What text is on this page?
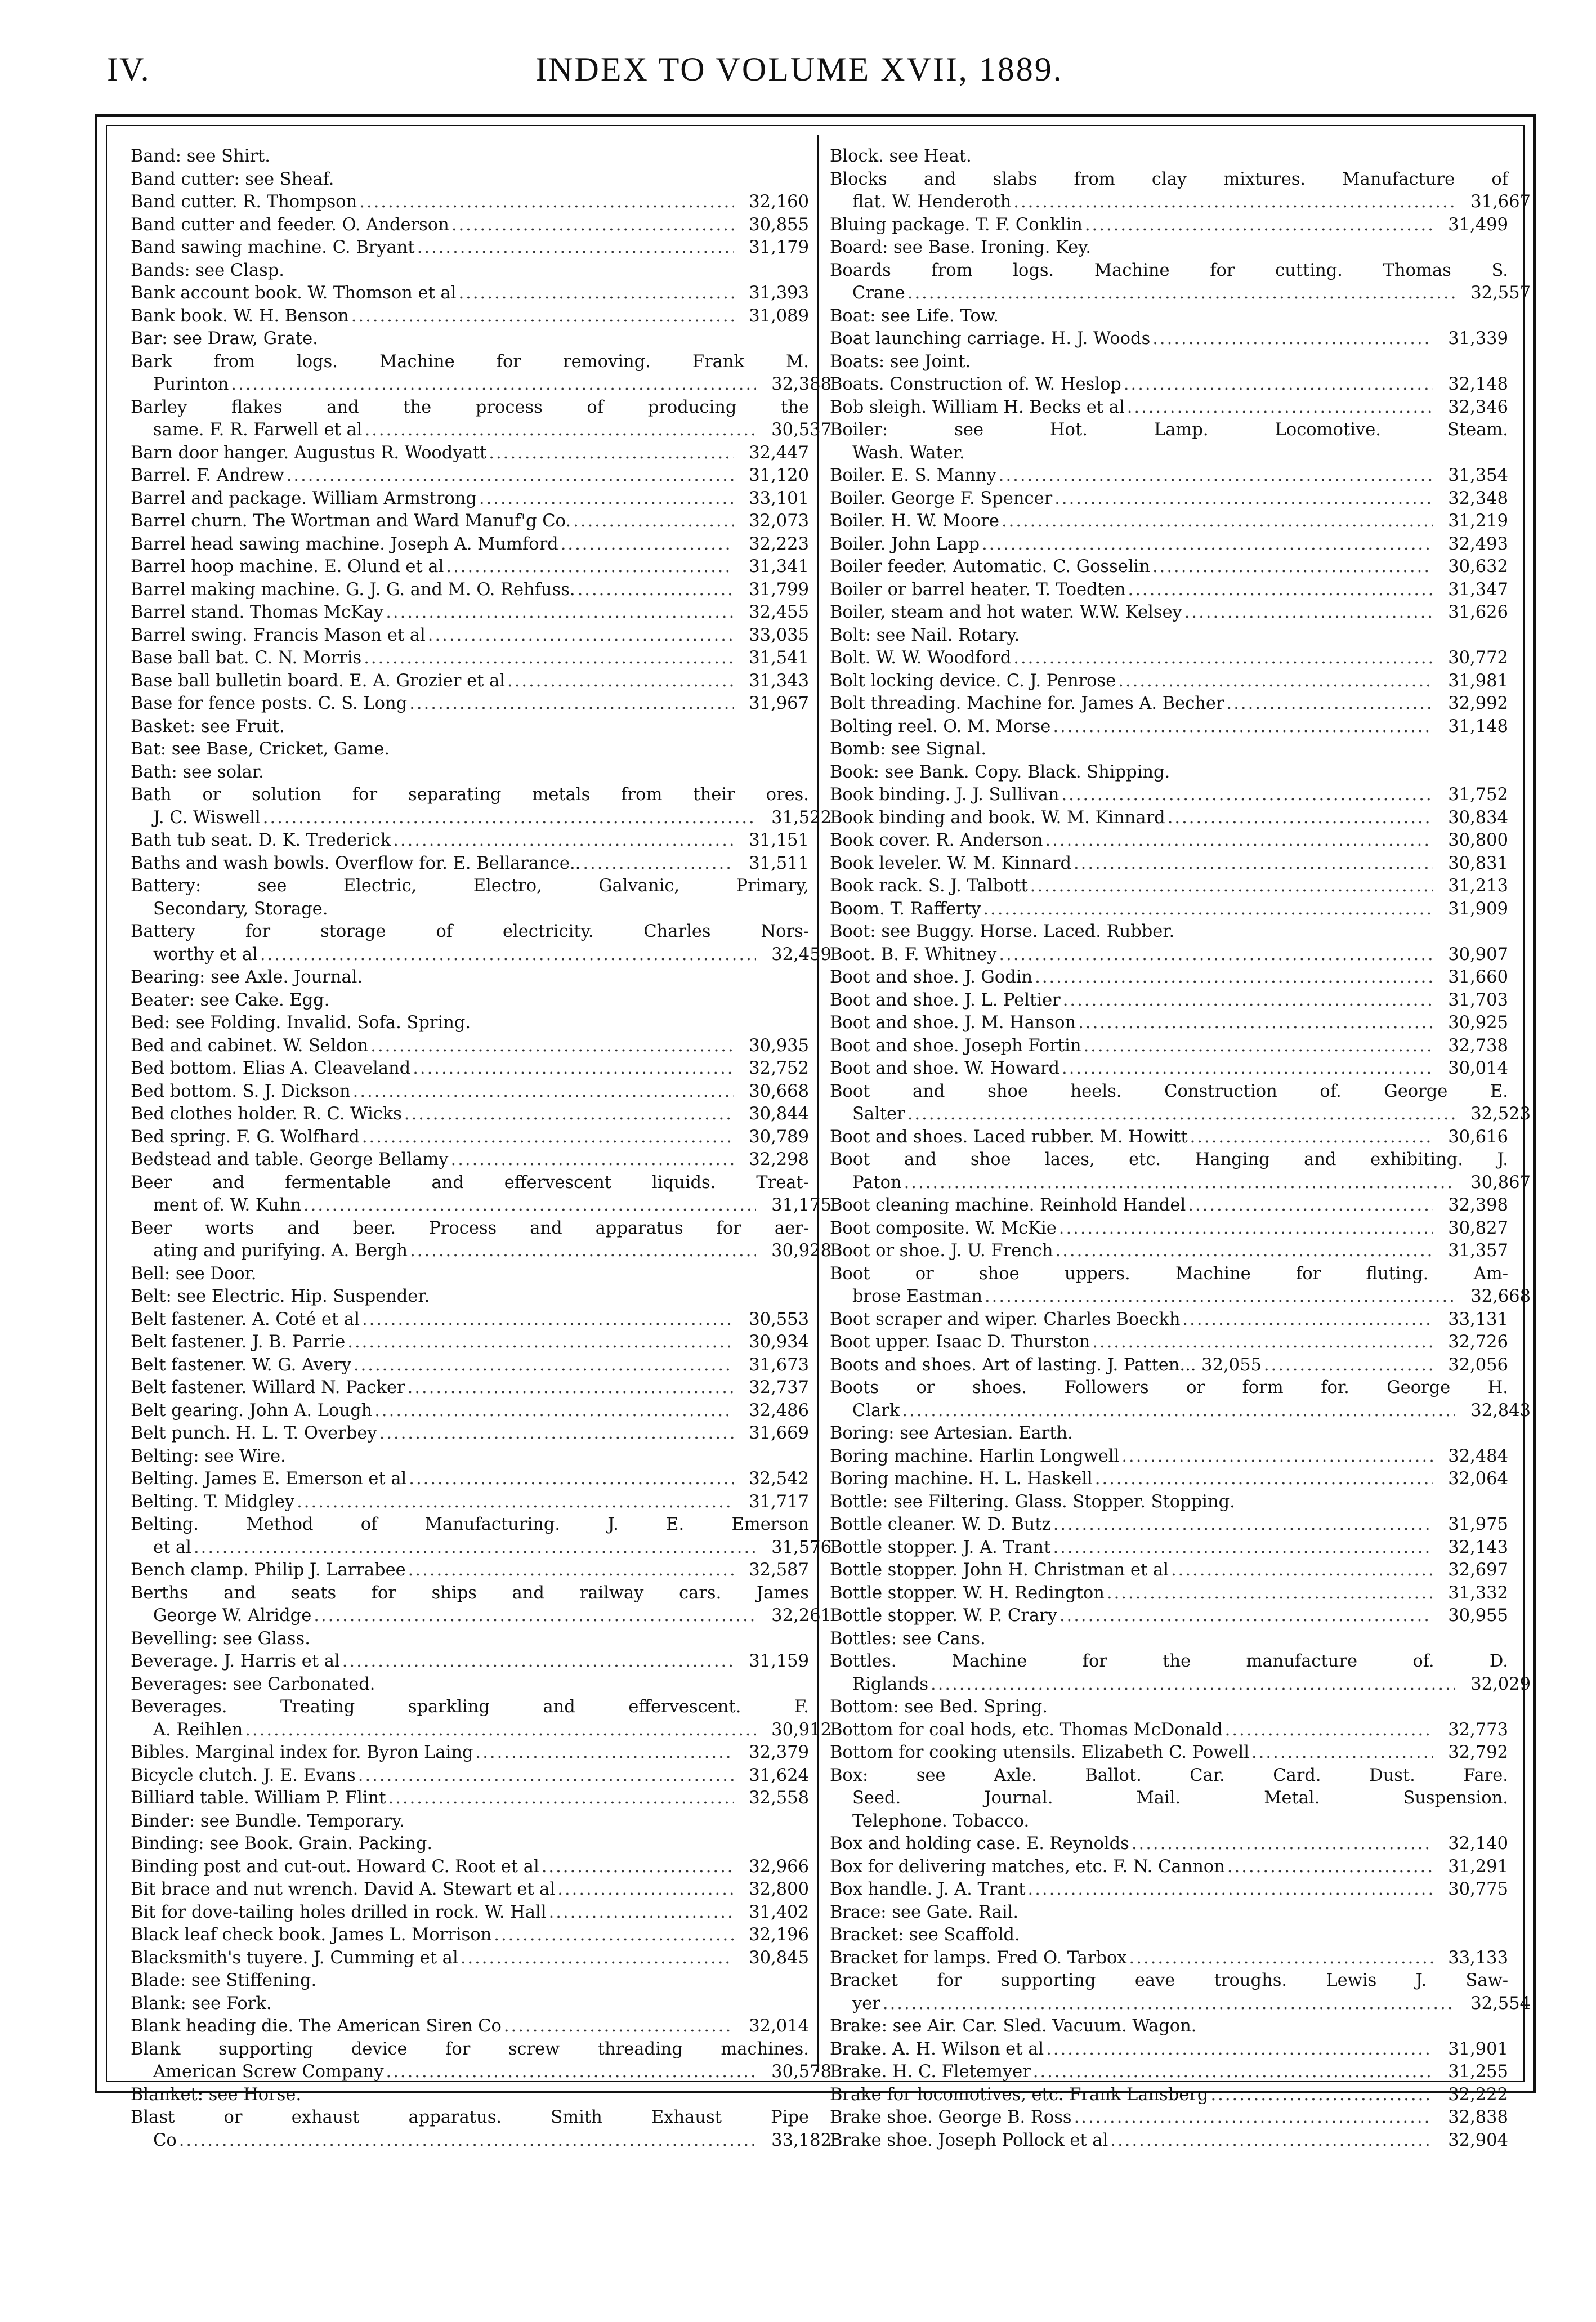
IV.	INDEX TO VOLUME XVII, 1889.
Band: see Shirt.
Band cutter: see Sheaf.
Band cutter. R. Thompson .....	32,160
Band cutter and feeder. O. Anderson .....	30,855
Band sawing machine. C. Bryant .....	31,179
Bands: see Clasp.
Bank account book. W. Thomson et al .....	31,393
Bank book. W. H. Benson .....	31,089
Bar: see Draw, Grate.
Bark from logs. Machine for removing. Frank M.
Purinton .....	32,388
Barley flakes and the process of producing the
same. F. R. Farwell et al .....	30,537
Barn door hanger. Augustus R. Woodyatt .....	32,447
Barrel. F. Andrew .....	31,120
Barrel and package. William Armstrong .....	33,101
Barrel churn. The Wortman and Ward Manuf'g Co. .....	32,073
Barrel head sawing machine. Joseph A. Mumford .....	32,223
Barrel hoop machine. E. Olund et al .....	31,341
Barrel making machine. G. J. G. and M. O. Rehfuss. .....	31,799
Barrel stand. Thomas McKay .....	32,455
Barrel swing. Francis Mason et al .....	33,035
Base ball bat. C. N. Morris .....	31,541
Base ball bulletin board. E. A. Grozier et al .....	31,343
Base for fence posts. C. S. Long .....	31,967
Basket: see Fruit.
Bat: see Base, Cricket, Game.
Bath: see solar.
Bath or solution for separating metals from their ores.
J. C. Wiswell .....	31,522
Bath tub seat. D. K. Trederick .....	31,151
Baths and wash bowls. Overflow for. E. Bellarance.. .....	31,511
Battery: see Electric, Electro, Galvanic, Primary,
Secondary, Storage.
Battery for storage of electricity. Charles Nors-
worthy et al .....	32,459
Bearing: see Axle. Journal.
Beater: see Cake. Egg.
Bed: see Folding. Invalid. Sofa. Spring.
Bed and cabinet. W. Seldon .....	30,935
Bed bottom. Elias A. Cleaveland .....	32,752
Bed bottom. S. J. Dickson .....	30,668
Bed clothes holder. R. C. Wicks .....	30,844
Bed spring. F. G. Wolfhard .....	30,789
Bedstead and table. George Bellamy .....	32,298
Beer and fermentable and effervescent liquids. Treat-
ment of. W. Kuhn .....	31,175
Beer worts and beer. Process and apparatus for aer-
ating and purifying. A. Bergh .....	30,928
Bell: see Door.
Belt: see Electric. Hip. Suspender.
Belt fastener. A. Coté et al .....	30,553
Belt fastener. J. B. Parrie .....	30,934
Belt fastener. W. G. Avery .....	31,673
Belt fastener. Willard N. Packer .....	32,737
Belt gearing. John A. Lough .....	32,486
Belt punch. H. L. T. Overbey .....	31,669
Belting: see Wire.
Belting. James E. Emerson et al .....	32,542
Belting. T. Midgley .....	31,717
Belting. Method of Manufacturing. J. E. Emerson
et al .....	31,576
Bench clamp. Philip J. Larrabee .....	32,587
Berths and seats for ships and railway cars. James
George W. Alridge .....	32,261
Bevelling: see Glass.
Beverage. J. Harris et al .....	31,159
Beverages: see Carbonated.
Beverages. Treating sparkling and effervescent. F.
A. Reihlen .....	30,912
Bibles. Marginal index for. Byron Laing .....	32,379
Bicycle clutch. J. E. Evans .....	31,624
Billiard table. William P. Flint .....	32,558
Binder: see Bundle. Temporary.
Binding: see Book. Grain. Packing.
Binding post and cut-out. Howard C. Root et al .....	32,966
Bit brace and nut wrench. David A. Stewart et al .....	32,800
Bit for dove-tailing holes drilled in rock. W. Hall .....	31,402
Black leaf check book. James L. Morrison .....	32,196
Blacksmith's tuyere. J. Cumming et al .....	30,845
Blade: see Stiffening.
Blank: see Fork.
Blank heading die. The American Siren Co .....	32,014
Blank supporting device for screw threading machines.
American Screw Company .....	30,578
Blanket: see Horse.
Blast or exhaust apparatus. Smith Exhaust Pipe
Co .....	33,182
Block. see Heat.
Blocks and slabs from clay mixtures. Manufacture of
flat. W. Henderoth .....	31,667
Bluing package. T. F. Conklin .....	31,499
Board: see Base. Ironing. Key.
Boards from logs. Machine for cutting. Thomas S.
Crane .....	32,557
Boat: see Life. Tow.
Boat launching carriage. H. J. Woods .....	31,339
Boats: see Joint.
Boats. Construction of. W. Heslop .....	32,148
Bob sleigh. William H. Becks et al .....	32,346
Boiler: see Hot. Lamp. Locomotive. Steam.
Wash. Water.
Boiler. E. S. Manny .....	31,354
Boiler. George F. Spencer .....	32,348
Boiler. H. W. Moore .....	31,219
Boiler. John Lapp .....	32,493
Boiler feeder. Automatic. C. Gosselin .....	30,632
Boiler or barrel heater. T. Toedten .....	31,347
Boiler, steam and hot water. W.W. Kelsey .....	31,626
Bolt: see Nail. Rotary.
Bolt. W. W. Woodford .....	30,772
Bolt locking device. C. J. Penrose .....	31,981
Bolt threading. Machine for. James A. Becher .....	32,992
Bolting reel. O. M. Morse .....	31,148
Bomb: see Signal.
Book: see Bank. Copy. Black. Shipping.
Book binding. J. J. Sullivan .....	31,752
Book binding and book. W. M. Kinnard .....	30,834
Book cover. R. Anderson .....	30,800
Book leveler. W. M. Kinnard .....	30,831
Book rack. S. J. Talbott .....	31,213
Boom. T. Rafferty .....	31,909
Boot: see Buggy. Horse. Laced. Rubber.
Boot. B. F. Whitney .....	30,907
Boot and shoe. J. Godin .....	31,660
Boot and shoe. J. L. Peltier .....	31,703
Boot and shoe. J. M. Hanson .....	30,925
Boot and shoe. Joseph Fortin .....	32,738
Boot and shoe. W. Howard .....	30,014
Boot and shoe heels. Construction of. George E.
Salter .....	32,523
Boot and shoes. Laced rubber. M. Howitt .....	30,616
Boot and shoe laces, etc. Hanging and exhibiting. J.
Paton .....	30,867
Boot cleaning machine. Reinhold Handel .....	32,398
Boot composite. W. McKie .....	30,827
Boot or shoe. J. U. French .....	31,357
Boot or shoe uppers. Machine for fluting. Am-
brose Eastman .....	32,668
Boot scraper and wiper. Charles Boeckh .....	33,131
Boot upper. Isaac D. Thurston .....	32,726
Boots and shoes. Art of lasting. J. Patten... 32,055 .....	32,056
Boots or shoes. Followers or form for. George H.
Clark .....	32,843
Boring: see Artesian. Earth.
Boring machine. Harlin Longwell .....	32,484
Boring machine. H. L. Haskell .....	32,064
Bottle: see Filtering. Glass. Stopper. Stopping.
Bottle cleaner. W. D. Butz .....	31,975
Bottle stopper. J. A. Trant .....	32,143
Bottle stopper. John H. Christman et al .....	32,697
Bottle stopper. W. H. Redington .....	31,332
Bottle stopper. W. P. Crary .....	30,955
Bottles: see Cans.
Bottles. Machine for the manufacture of. D.
Riglands .....	32,029
Bottom: see Bed. Spring.
Bottom for coal hods, etc. Thomas McDonald .....	32,773
Bottom for cooking utensils. Elizabeth C. Powell .....	32,792
Box: see Axle. Ballot. Car. Card. Dust. Fare.
Seed. Journal. Mail. Metal. Suspension.
Telephone. Tobacco.
Box and holding case. E. Reynolds .....	32,140
Box for delivering matches, etc. F. N. Cannon .....	31,291
Box handle. J. A. Trant .....	30,775
Brace: see Gate. Rail.
Bracket: see Scaffold.
Bracket for lamps. Fred O. Tarbox .....	33,133
Bracket for supporting eave troughs. Lewis J. Saw-
yer .....	32,554
Brake: see Air. Car. Sled. Vacuum. Wagon.
Brake. A. H. Wilson et al .....	31,901
Brake. H. C. Fletemyer .....	31,255
Brake for locomotives, etc. Frank Lansberg .....	32,222
Brake shoe. George B. Ross .....	32,838
Brake shoe. Joseph Pollock et al .....	32,904
